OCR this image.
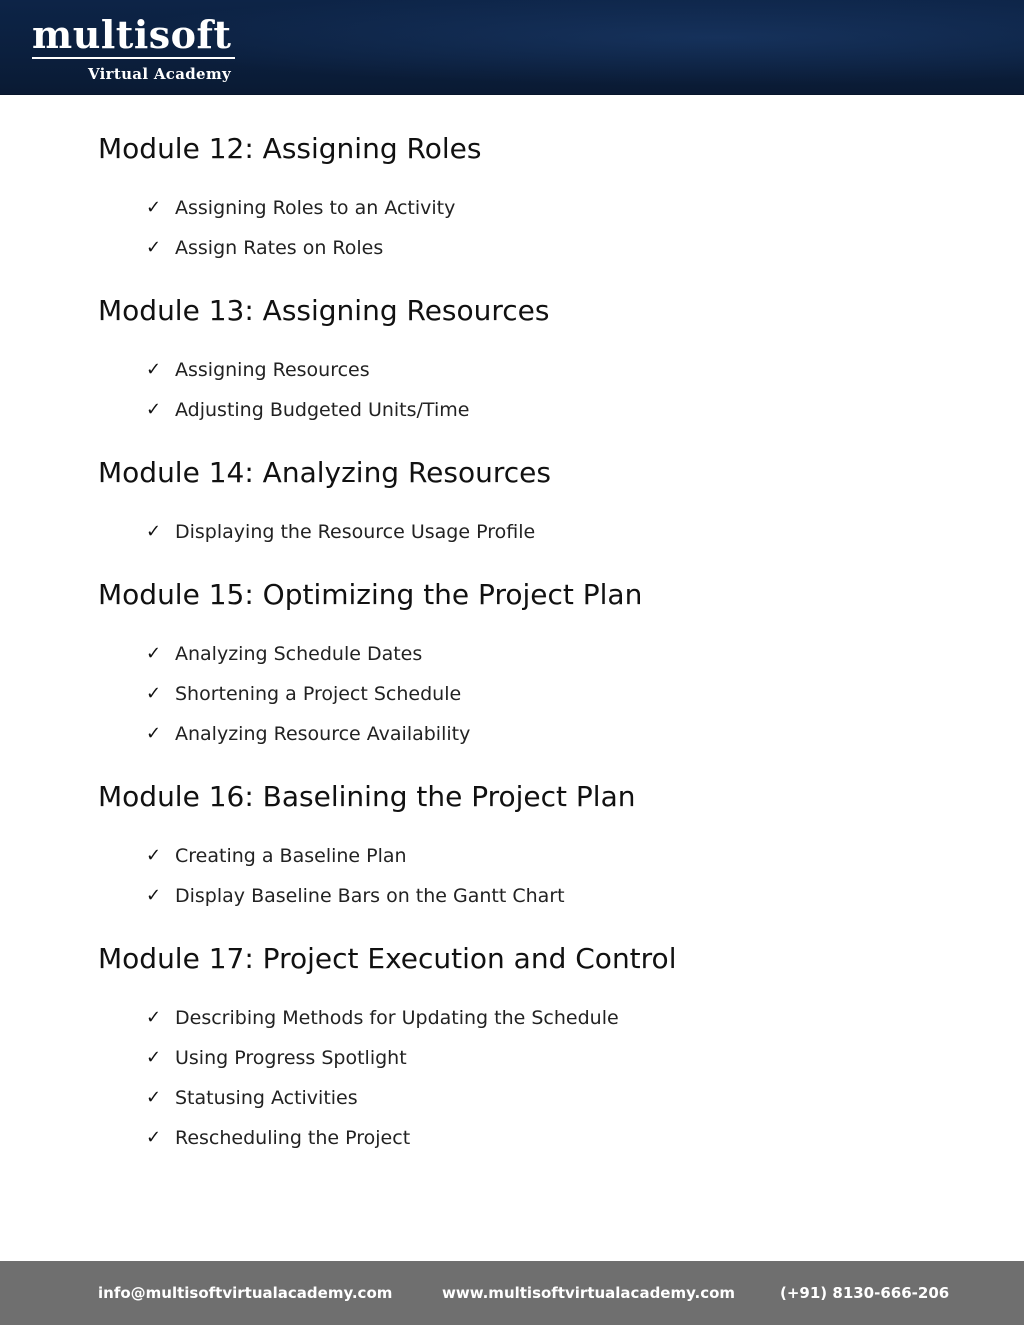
multisoft
Virtual Academy
Module 12: Assigning Roles
✓ Assigning Roles to an Activity
✓ Assign Rates on Roles
Module 13: Assigning Resources
✓ Assigning Resources
✓ Adjusting Budgeted Units/Time
Module 14: Analyzing Resources
✓ Displaying the Resource Usage Profile
Module 15: Optimizing the Project Plan
✓ Analyzing Schedule Dates
✓ Shortening a Project Schedule
✓ Analyzing Resource Availability
Module 16: Baselining the Project Plan
✓ Creating a Baseline Plan
✓ Display Baseline Bars on the Gantt Chart
Module 17: Project Execution and Control
✓ Describing Methods for Updating the Schedule
✓ Using Progress Spotlight
✓ Statusing Activities
✓ Rescheduling the Project
info@multisoftvirtualacademy.com	www.multisoftvirtualacademy.com	(+91) 8130-666-206
